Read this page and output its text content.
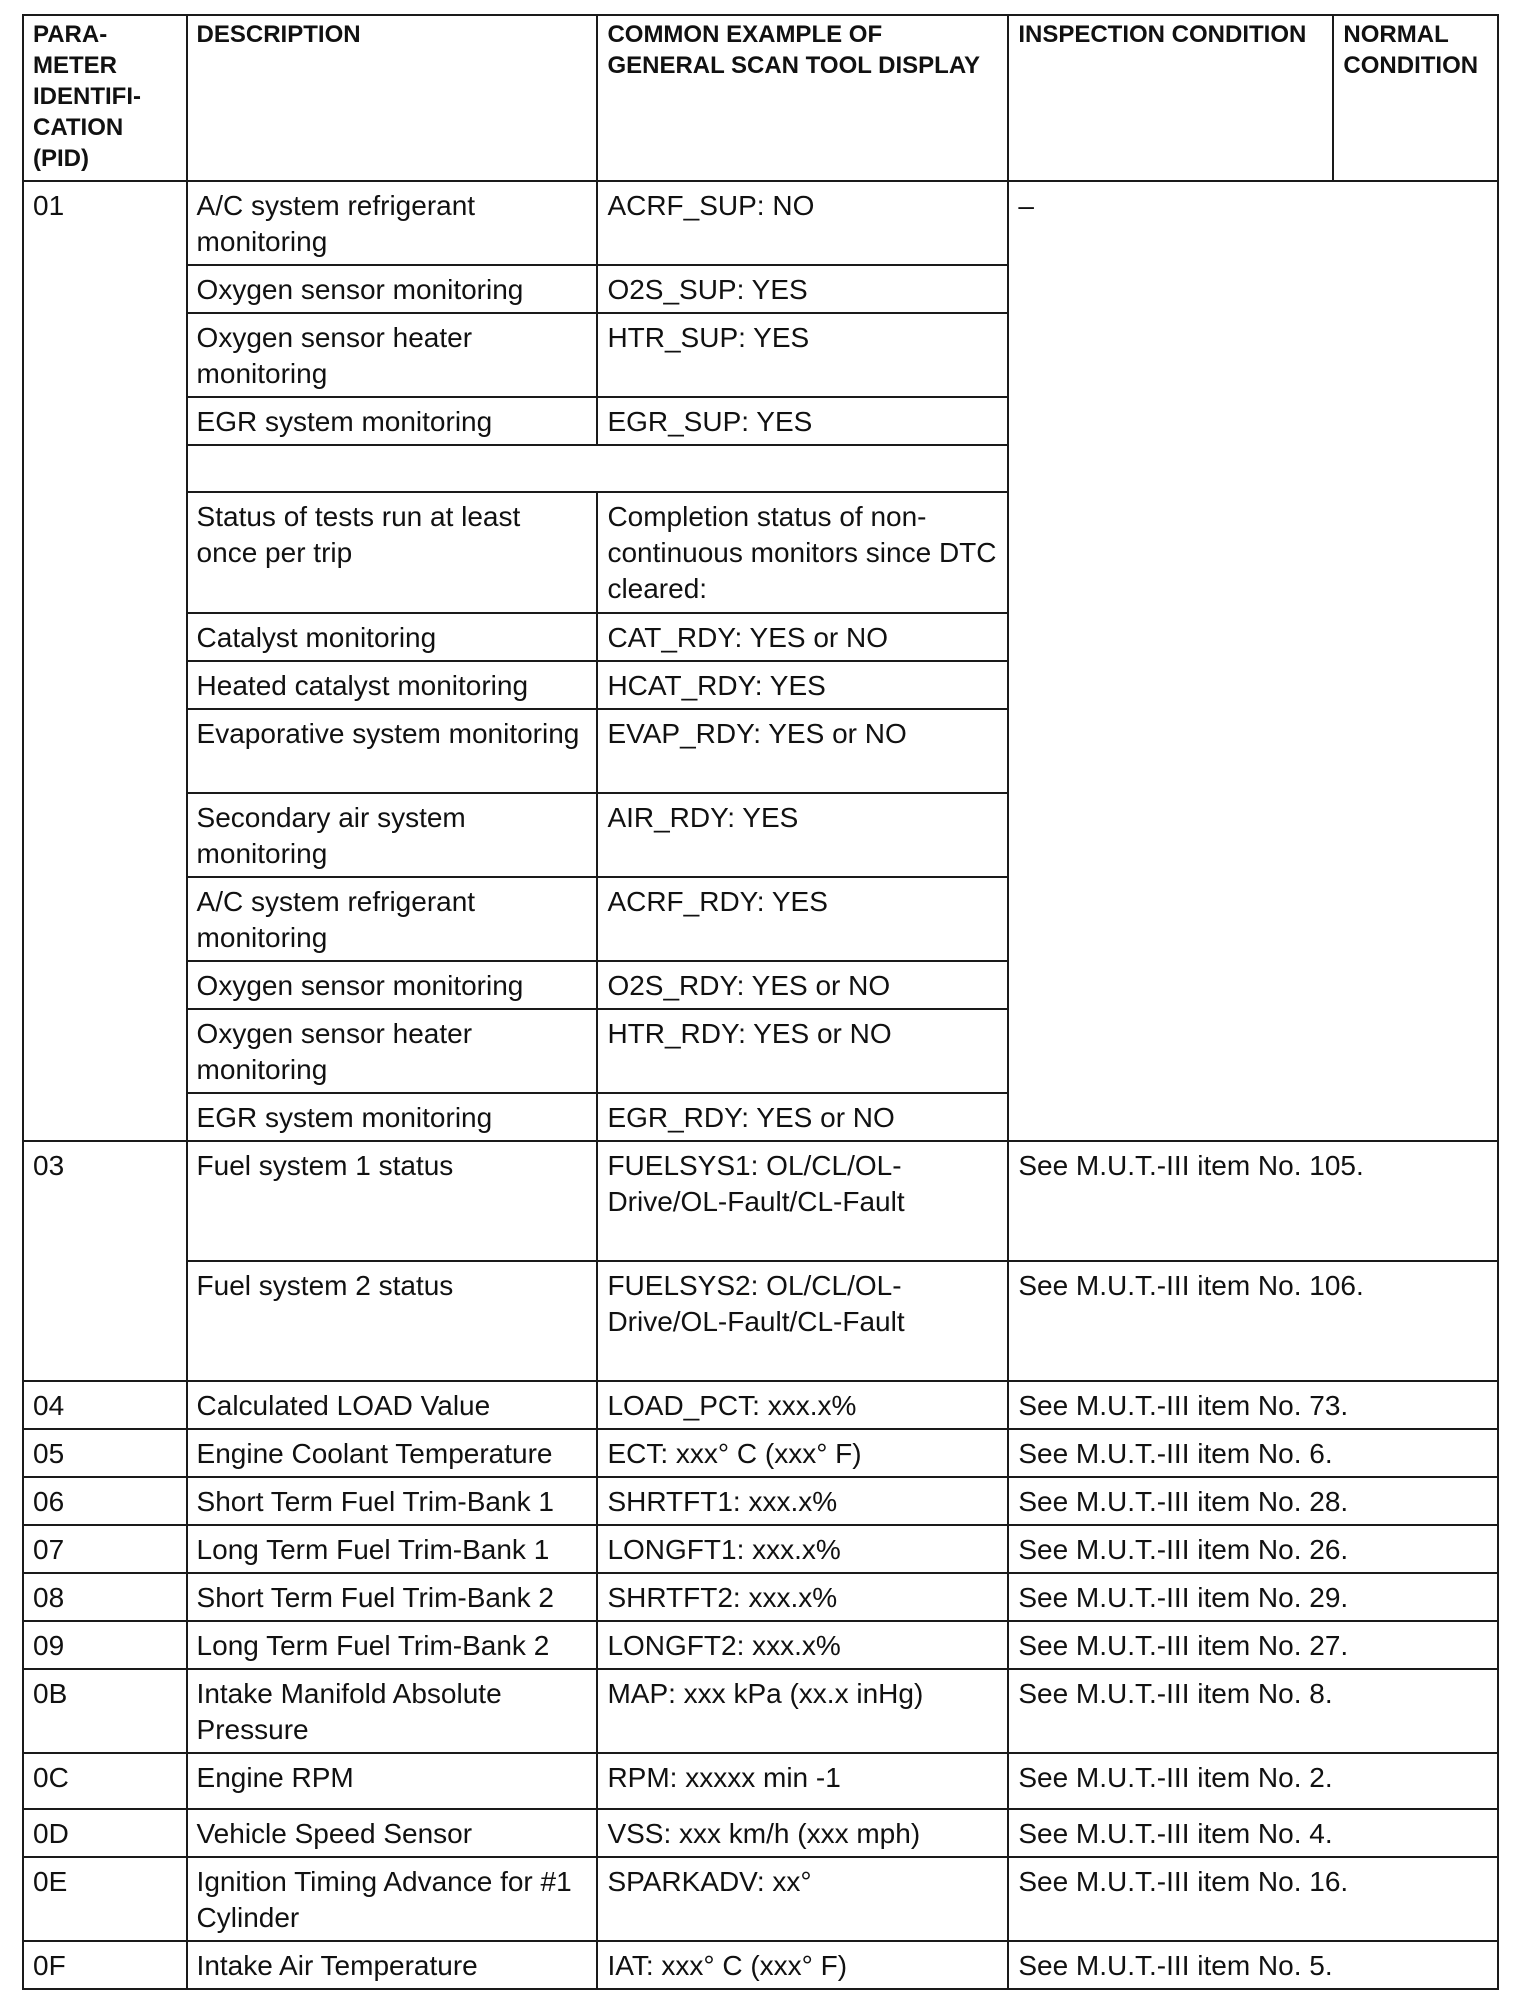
PARA-METER IDENTIFI-CATION (PID)	DESCRIPTION	COMMON EXAMPLE OF GENERAL SCAN TOOL DISPLAY	INSPECTION CONDITION	NORMAL CONDITION
01	A/C system refrigerant monitoring	ACRF_SUP: NO	–	
	Oxygen sensor monitoring	O2S_SUP: YES		
	Oxygen sensor heater monitoring	HTR_SUP: YES		
	EGR system monitoring	EGR_SUP: YES		

	Status of tests run at least once per trip	Completion status of non-continuous monitors since DTC cleared:		
	Catalyst monitoring	CAT_RDY: YES or NO		
	Heated catalyst monitoring	HCAT_RDY: YES		
	Evaporative system monitoring	EVAP_RDY: YES or NO		
	Secondary air system monitoring	AIR_RDY: YES		
	A/C system refrigerant monitoring	ACRF_RDY: YES		
	Oxygen sensor monitoring	O2S_RDY: YES or NO		
	Oxygen sensor heater monitoring	HTR_RDY: YES or NO		
	EGR system monitoring	EGR_RDY: YES or NO		
03	Fuel system 1 status	FUELSYS1: OL/CL/OL-Drive/OL-Fault/CL-Fault	See M.U.T.-III item No. 105.	
	Fuel system 2 status	FUELSYS2: OL/CL/OL-Drive/OL-Fault/CL-Fault	See M.U.T.-III item No. 106.	
04	Calculated LOAD Value	LOAD_PCT: xxx.x%	See M.U.T.-III item No. 73.	
05	Engine Coolant Temperature	ECT: xxx° C (xxx° F)	See M.U.T.-III item No. 6.	
06	Short Term Fuel Trim-Bank 1	SHRTFT1: xxx.x%	See M.U.T.-III item No. 28.	
07	Long Term Fuel Trim-Bank 1	LONGFT1: xxx.x%	See M.U.T.-III item No. 26.	
08	Short Term Fuel Trim-Bank 2	SHRTFT2: xxx.x%	See M.U.T.-III item No. 29.	
09	Long Term Fuel Trim-Bank 2	LONGFT2: xxx.x%	See M.U.T.-III item No. 27.	
0B	Intake Manifold Absolute Pressure	MAP: xxx kPa (xx.x inHg)	See M.U.T.-III item No. 8.	
0C	Engine RPM	RPM: xxxxx min -1	See M.U.T.-III item No. 2.	
0D	Vehicle Speed Sensor	VSS: xxx km/h (xxx mph)	See M.U.T.-III item No. 4.	
0E	Ignition Timing Advance for #1 Cylinder	SPARKADV: xx°	See M.U.T.-III item No. 16.	
0F	Intake Air Temperature	IAT: xxx° C (xxx° F)	See M.U.T.-III item No. 5.	
